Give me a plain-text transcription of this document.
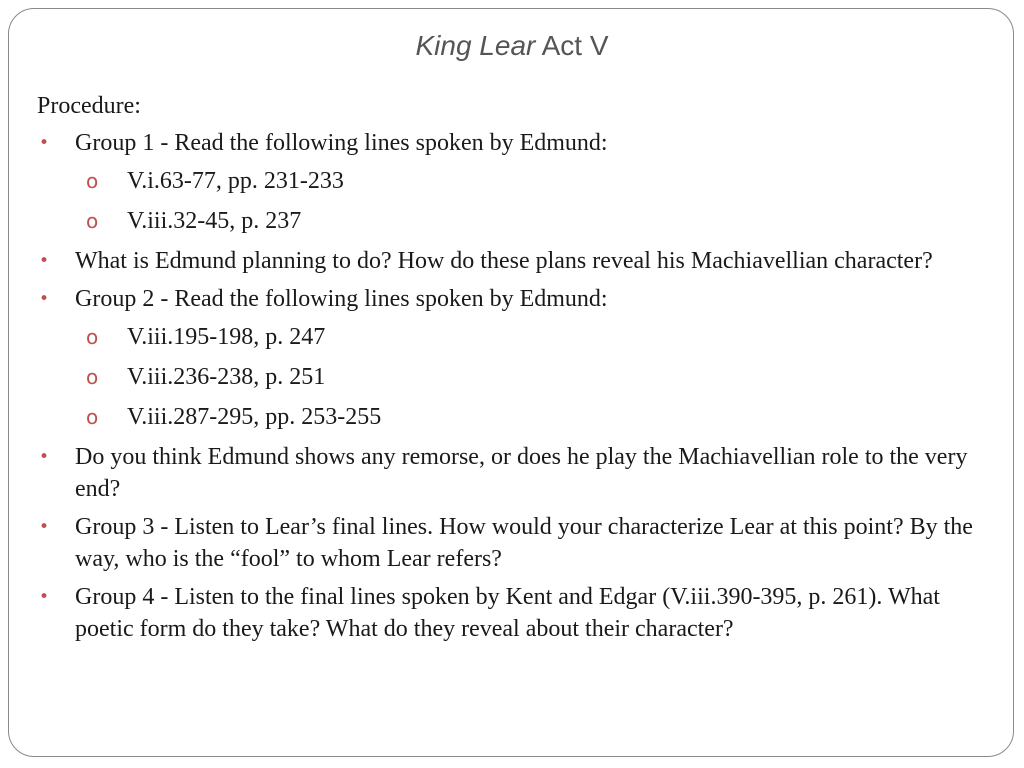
King Lear Act V

Procedure:

• Group 1 - Read the following lines spoken by Edmund:
o V.i.63-77, pp. 231-233
o V.iii.32-45, p. 237
• What is Edmund planning to do? How do these plans reveal his Machiavellian character?
• Group 2 - Read the following lines spoken by Edmund:
o V.iii.195-198, p. 247
o V.iii.236-238, p. 251
o V.iii.287-295, pp. 253-255
• Do you think Edmund shows any remorse, or does he play the Machiavellian role to the very end?
• Group 3 - Listen to Lear’s final lines. How would your characterize Lear at this point? By the way, who is the “fool” to whom Lear refers?
• Group 4 - Listen to the final lines spoken by Kent and Edgar (V.iii.390-395, p. 261). What poetic form do they take? What do they reveal about their character?
